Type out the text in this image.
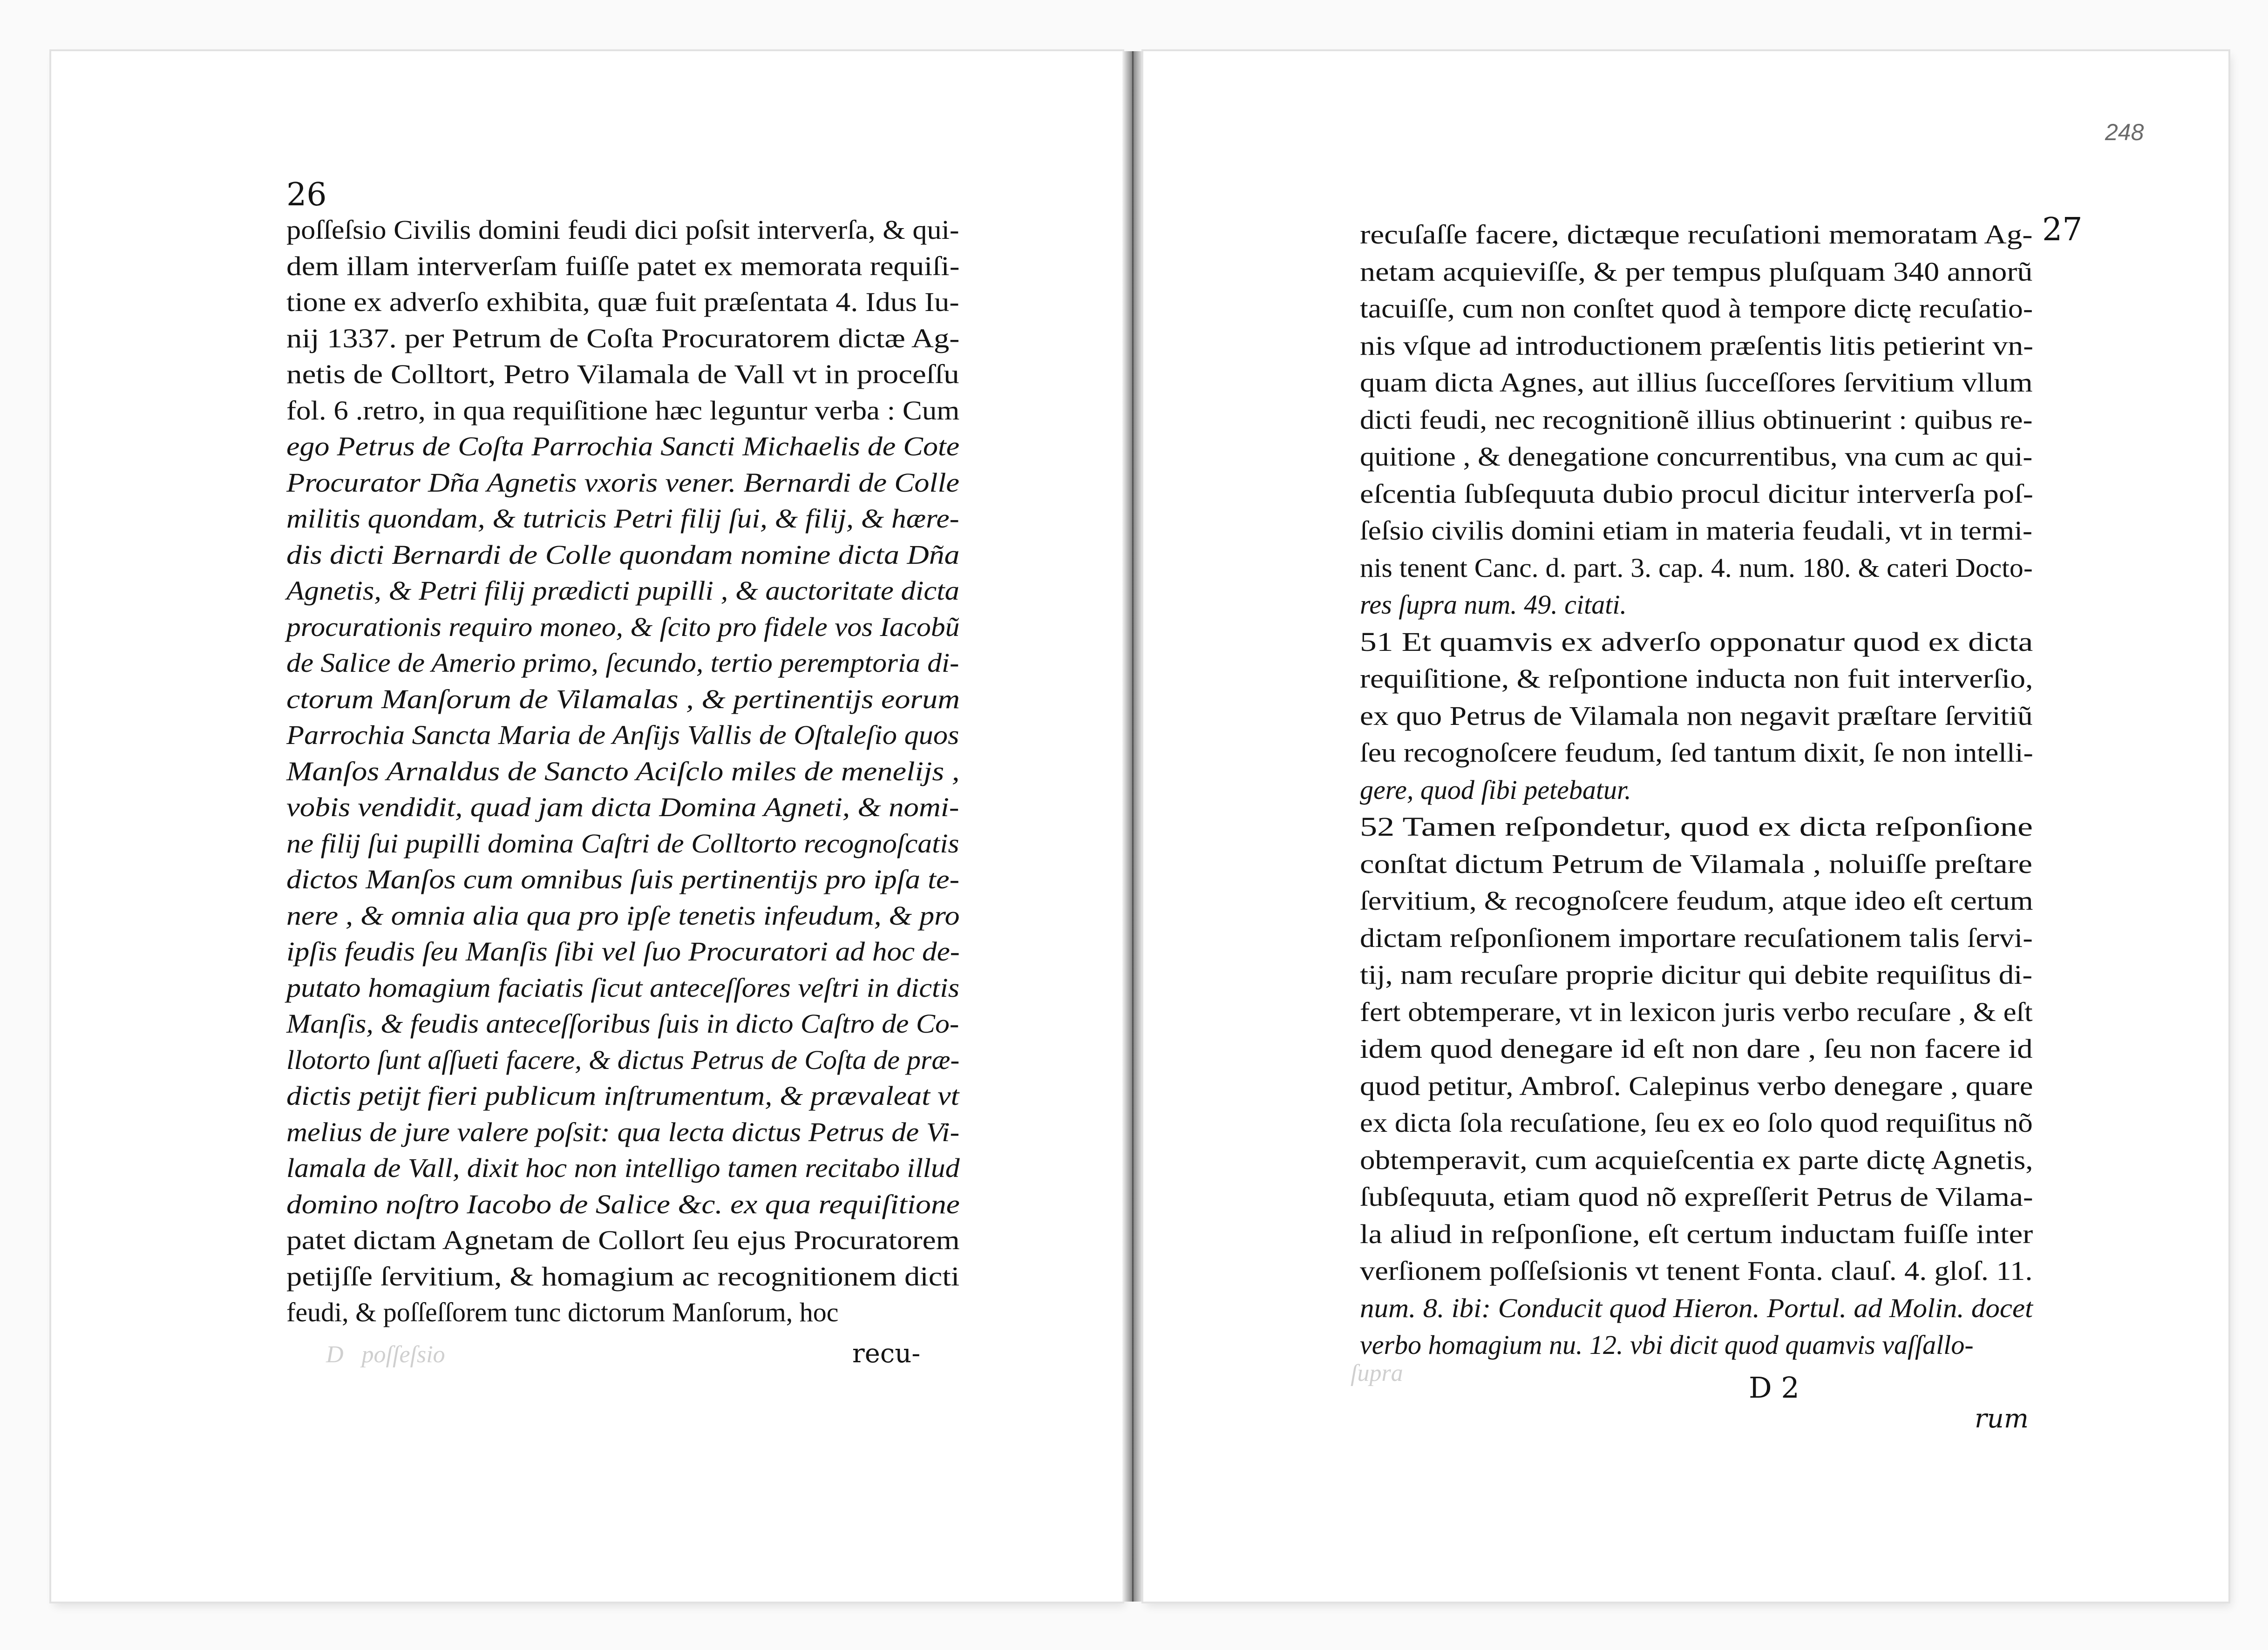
D   poſſeſsio
ſupra
26
27
248
poſſeſsio Civilis domini feudi dici poſsit interverſa, & qui-
dem illam interverſam fuiſſe patet ex memorata requiſi-
tione ex adverſo exhibita, quæ fuit præſentata 4. Idus Iu-
nij 1337. per Petrum de Coſta Procuratorem dictæ Ag-
netis de Colltort, Petro Vilamala de Vall vt in proceſſu
fol. 6 .retro, in qua requiſitione hæc leguntur verba : Cum
ego Petrus de Coſta Parrochia Sancti Michaelis de Cote
Procurator Dña Agnetis vxoris vener. Bernardi de Colle
militis quondam, & tutricis Petri filij ſui, & filij, & hære-
dis dicti Bernardi de Colle quondam nomine dicta Dña
Agnetis, & Petri filij prædicti pupilli , & auctoritate dicta
procurationis requiro moneo, & ſcito pro fidele vos Iacobũ
de Salice de Amerio primo, ſecundo, tertio peremptoria di-
ctorum Manſorum de Vilamalas , & pertinentijs eorum
Parrochia Sancta Maria de Anſijs Vallis de Oſtaleſio quos
Manſos Arnaldus de Sancto Aciſclo miles de menelijs ,
vobis vendidit, quad jam dicta Domina Agneti, & nomi-
ne filij ſui pupilli domina Caſtri de Colltorto recognoſcatis
dictos Manſos cum omnibus ſuis pertinentijs pro ipſa te-
nere , & omnia alia qua pro ipſe tenetis infeudum, & pro
ipſis feudis ſeu Manſis ſibi vel ſuo Procuratori ad hoc de-
putato homagium faciatis ſicut anteceſſores veſtri in dictis
Manſis, & feudis anteceſſoribus ſuis in dicto Caſtro de Co-
llotorto ſunt aſſueti facere, & dictus Petrus de Coſta de præ-
dictis petijt fieri publicum inſtrumentum, & prævaleat vt
melius de jure valere poſsit: qua lecta dictus Petrus de Vi-
lamala de Vall, dixit hoc non intelligo tamen recitabo illud
domino noſtro Iacobo de Salice &c. ex qua requiſitione
patet dictam Agnetam de Collort ſeu ejus Procuratorem
petijſſe ſervitium, & homagium ac recognitionem dicti
feudi, & poſſeſſorem tunc dictorum Manſorum, hoc
recuſaſſe facere, dictæque recuſationi memoratam Ag-
netam acquievіſſe, & per tempus pluſquam 340 annorũ
tacuiſſe, cum non conſtet quod à tempore dictę recuſatio-
nis vſque ad introductionem præſentis litis petierint vn-
quam dicta Agnes, aut illius ſucceſſores ſervitium vllum
dicti feudi, nec recognitionẽ illius obtinuerint : quibus re-
quitione , & denegatione concurrentibus, vna cum ac qui-
eſcentia ſubſequuta dubio procul dicitur interverſa poſ-
ſeſsio civilis domini etiam in materia feudali, vt in termi-
nis tenent Canc. d. part. 3. cap. 4. num. 180. & cateri Docto-
res ſupra num. 49. citati.
51 Et quamvis ex adverſo opponatur quod ex dicta
requiſitione, & reſpontione inducta non fuit interverſio,
ex quo Petrus de Vilamala non negavit præſtare ſervitiũ
ſeu recognoſcere feudum, ſed tantum dixit, ſe non intelli-
gere, quod ſibi petebatur.
52 Tamen reſpondetur, quod ex dicta reſponſione
conſtat dictum Petrum de Vilamala , noluiſſe preſtare
ſervitium, & recognoſcere feudum, atque ideo eſt certum
dictam reſponſionem importare recuſationem talis ſervi-
tij, nam recuſare proprie dicitur qui debite requiſitus di-
fert obtemperare, vt in lexicon juris verbo recuſare , & eſt
idem quod denegare id eſt non dare , ſeu non facere id
quod petitur, Ambroſ. Calepinus verbo denegare , quare
ex dicta ſola recuſatione, ſeu ex eo ſolo quod requiſitus nõ
obtemperavit, cum acquieſcentia ex parte dictę Agnetis,
ſubſequuta, etiam quod nõ expreſſerit Petrus de Vilama-
la aliud in reſponſione, eſt certum inductam fuiſſe inter
verſionem poſſeſsionis vt tenent Fonta. clauſ. 4. gloſ. 11.
num. 8. ibi: Conducit quod Hieron. Portul. ad Molin. docet
verbo homagium nu. 12. vbi dicit quod quamvis vaſſallo-
recu-
D 2
rum
